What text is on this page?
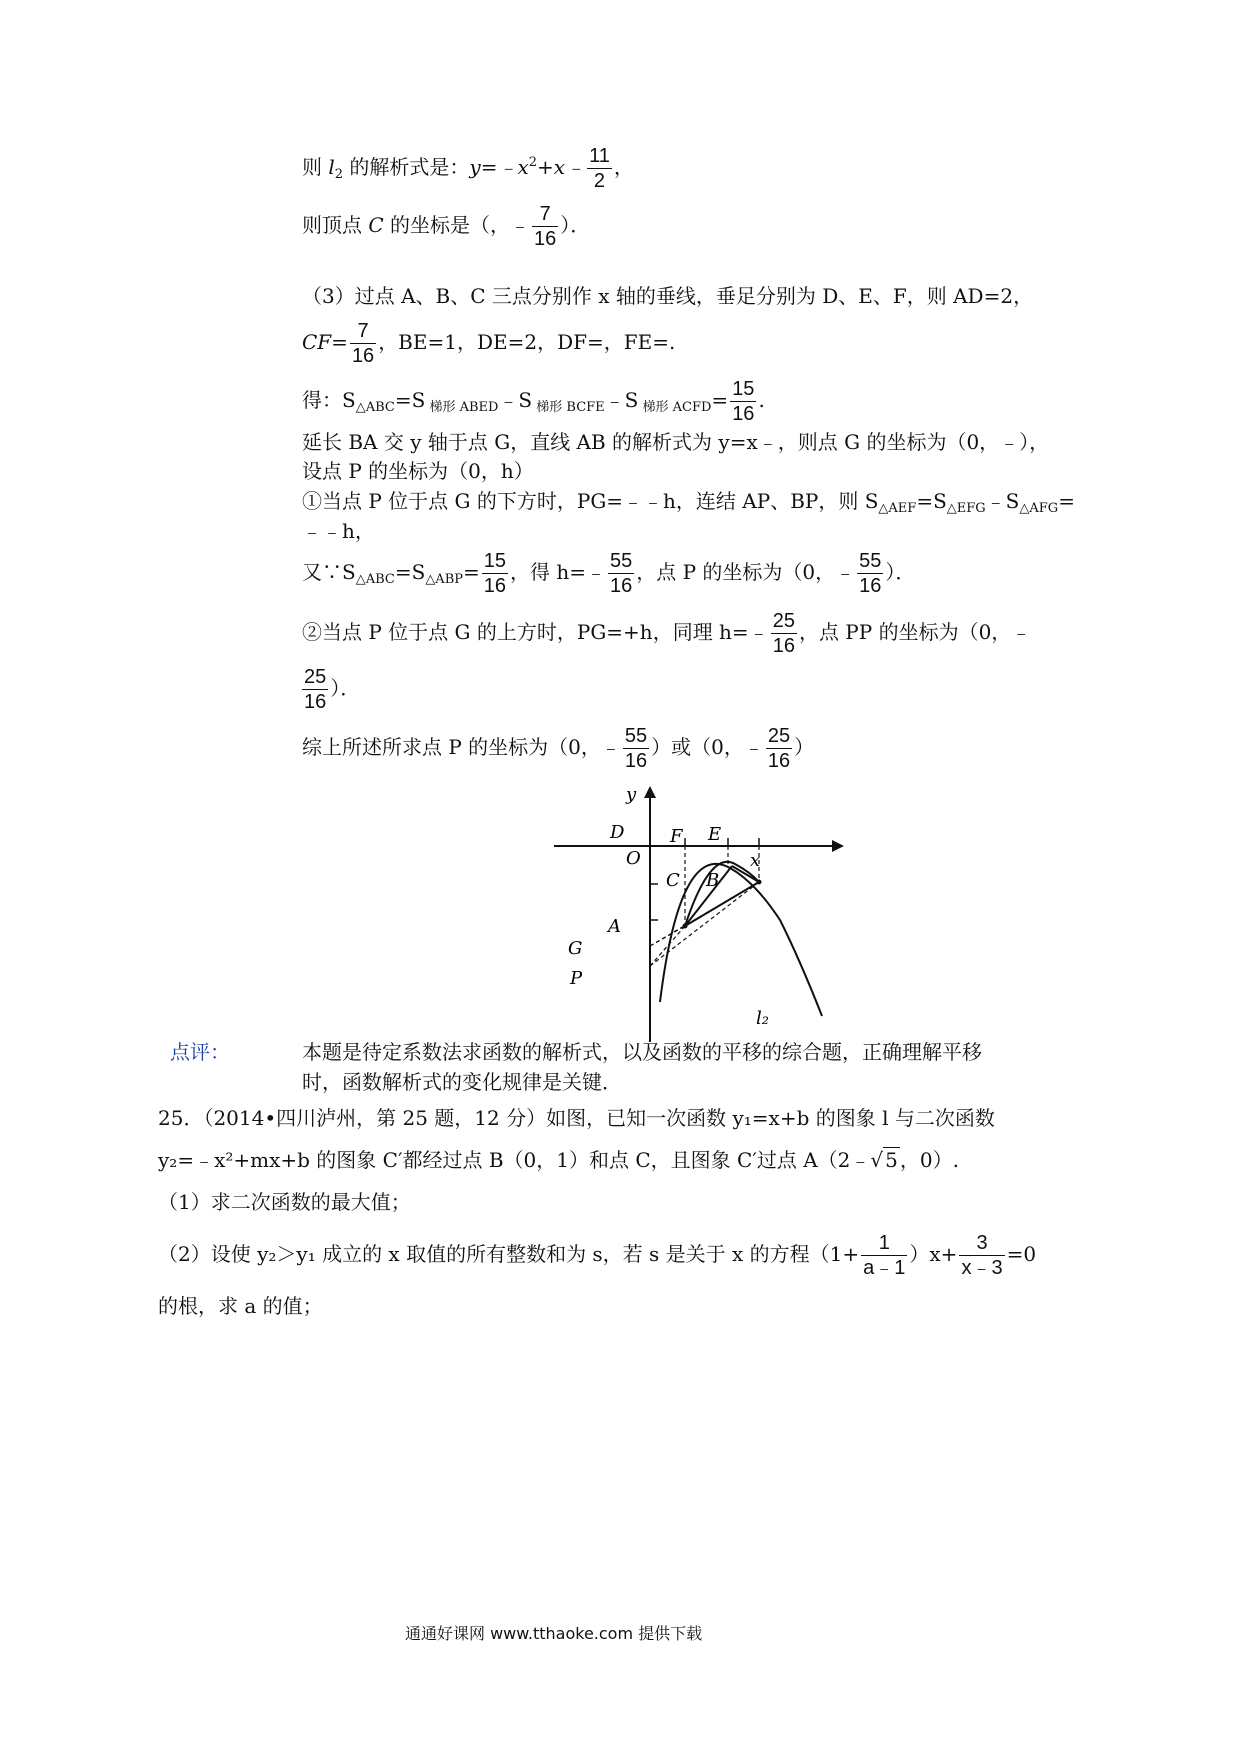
则 $l_2$ 的解析式是：$y=﹣x^2+x﹣ \frac{11}{2}$ ，
则顶点 C 的坐标是（，﹣ $\frac{7}{16}$ ）．
（3）过点 A、B、C 三点分别作 x 轴的垂线，垂足分别为 D、E、F，则 AD=2，
$CF= \frac{7}{16}$ ，BE=1，DE=2，DF=，FE=.
得：$S_{\triangle ABC}=S$ $_{梯形 ABED}$﹣S $_{梯形 BCFE}$﹣S $_{梯形 ACFD}= \frac{15}{16}$ .
延长 BA 交 y 轴于点 G，直线 AB 的解析式为 y=x﹣，则点 G 的坐标为（0，﹣），
设点 P 的坐标为（0，h）
①当点 P 位于点 G 的下方时，PG=﹣﹣h，连结 AP、BP，则 $S_{\triangle AEF}=S_{\triangle EFG}﹣S_{\triangle AFG}=$
﹣﹣h，
又$\because S_{\triangle ABC}=S_{\triangle ABP}= \frac{15}{16}$ ，得 h=﹣ $\frac{55}{16}$ ，点 P 的坐标为（0，﹣ $\frac{55}{16}$ ）．
②当点 P 位于点 G 的上方时，PG=+h，同理 h=﹣ $\frac{25}{16}$ ，点 PP 的坐标为（0，﹣
$\frac{25}{16}$ ）．
综上所述所求点 P 的坐标为（0，﹣ $\frac{55}{16}$ ）或（0，﹣ $\frac{25}{16}$ ）
y
x
O
D	F E
C B
A
G
P
l₂
点评：	本题是待定系数法求函数的解析式，以及函数的平移的综合题，正确理解平移
时，函数解析式的变化规律是关键．
25．（2014•四川泸州，第 25 题，12 分）如图，已知一次函数 y₁=x+b 的图象 l 与二次函数
y₂=﹣x²+mx+b 的图象 C′都经过点 B（0，1）和点 C，且图象 C′过点 A（2﹣√ 5 ，0）.
（1）求二次函数的最大值；
（2）设使 y₂＞y₁ 成立的 x 取值的所有整数和为 s，若 s 是关于 x 的方程$(1+ \frac{1}{a﹣1} )x+ \frac{3}{x﹣3} =0$
的根，求 a 的值；
通通好课网 www.tthaoke.com 提供下载
